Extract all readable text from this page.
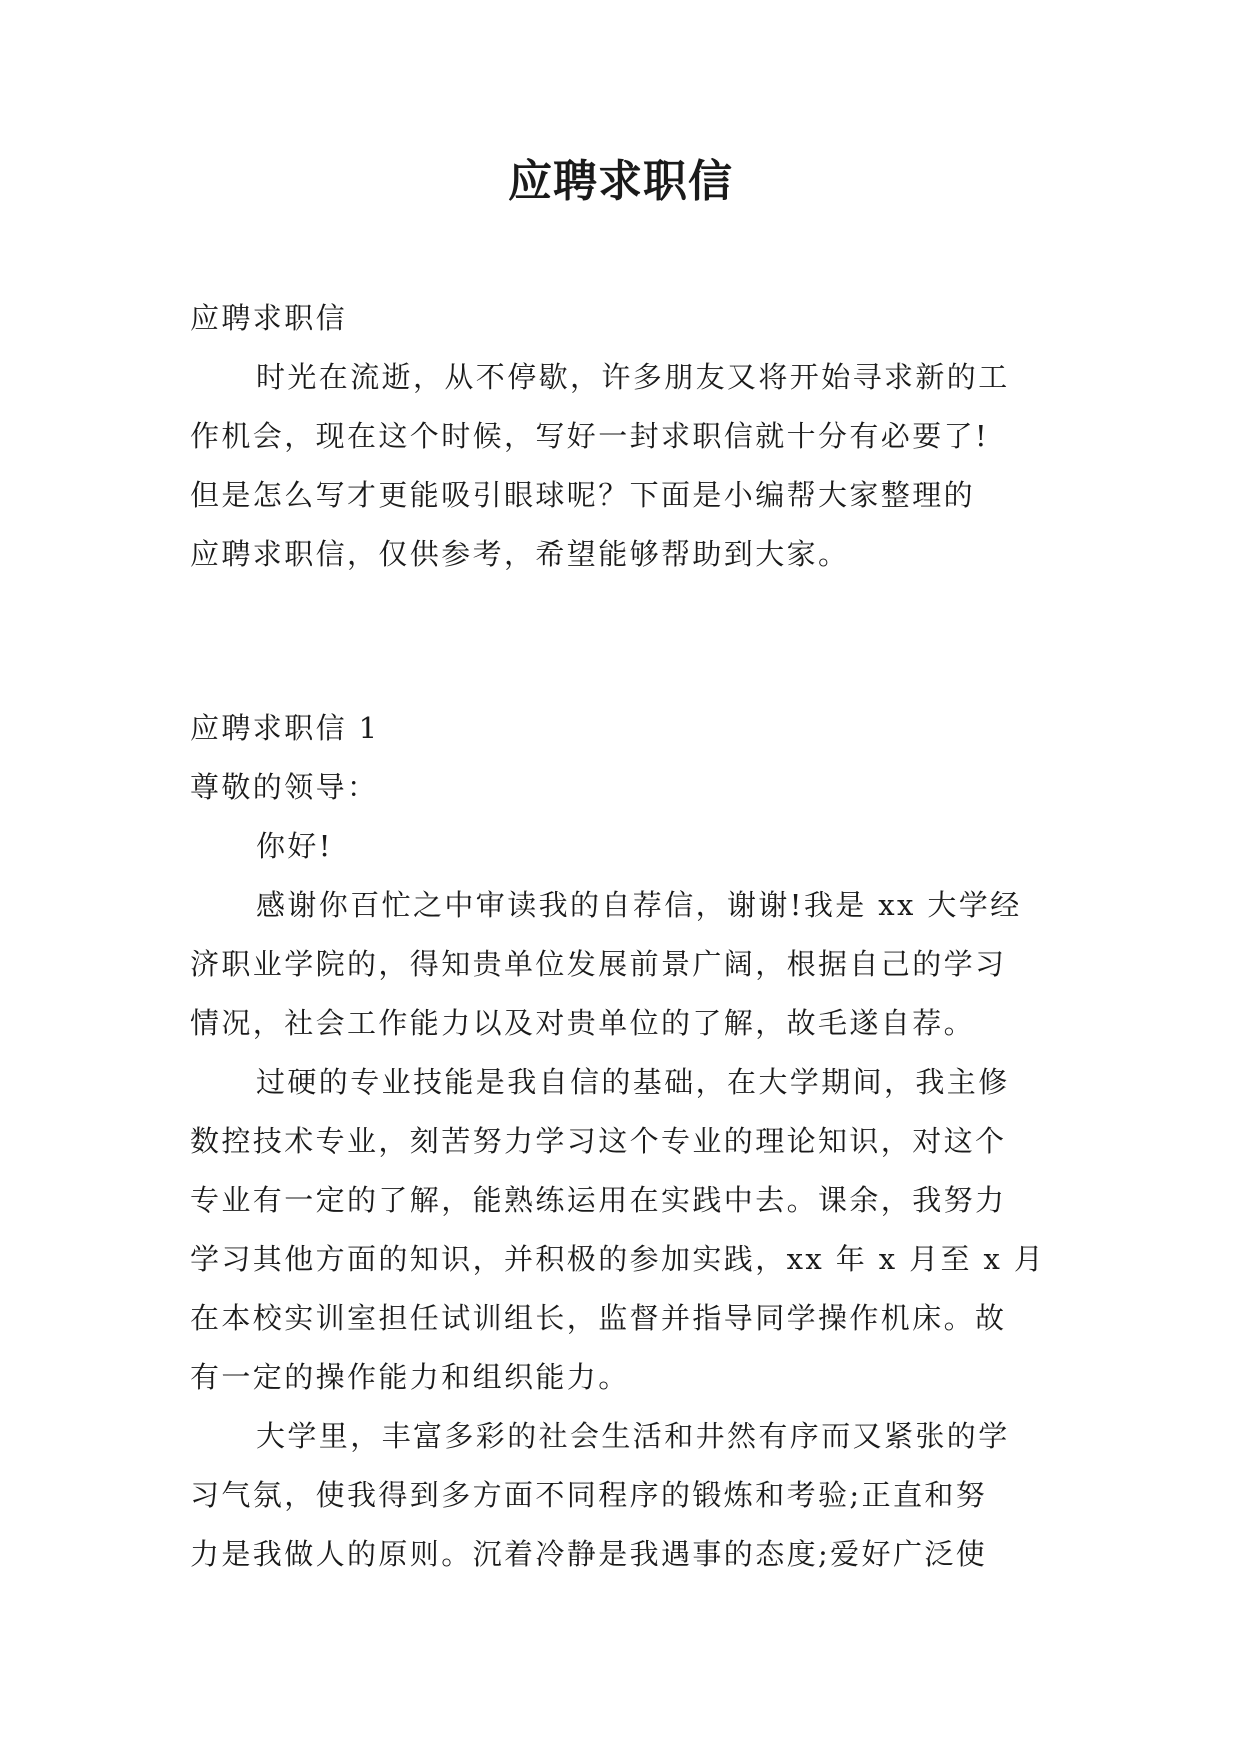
应聘求职信

应聘求职信

时光在流逝，从不停歇，许多朋友又将开始寻求新的工

作机会，现在这个时候，写好一封求职信就十分有必要了!

但是怎么写才更能吸引眼球呢？下面是小编帮大家整理的

应聘求职信，仅供参考，希望能够帮助到大家。

应聘求职信 1

尊敬的领导：

你好!

感谢你百忙之中审读我的自荐信，谢谢!我是 xx 大学经

济职业学院的，得知贵单位发展前景广阔，根据自己的学习

情况，社会工作能力以及对贵单位的了解，故毛遂自荐。

过硬的专业技能是我自信的基础，在大学期间，我主修

数控技术专业，刻苦努力学习这个专业的理论知识，对这个

专业有一定的了解，能熟练运用在实践中去。课余，我努力

学习其他方面的知识，并积极的参加实践，xx 年 x 月至 x 月

在本校实训室担任试训组长，监督并指导同学操作机床。故

有一定的操作能力和组织能力。

大学里，丰富多彩的社会生活和井然有序而又紧张的学

习气氛，使我得到多方面不同程序的锻炼和考验;正直和努

力是我做人的原则。沉着冷静是我遇事的态度;爱好广泛使
